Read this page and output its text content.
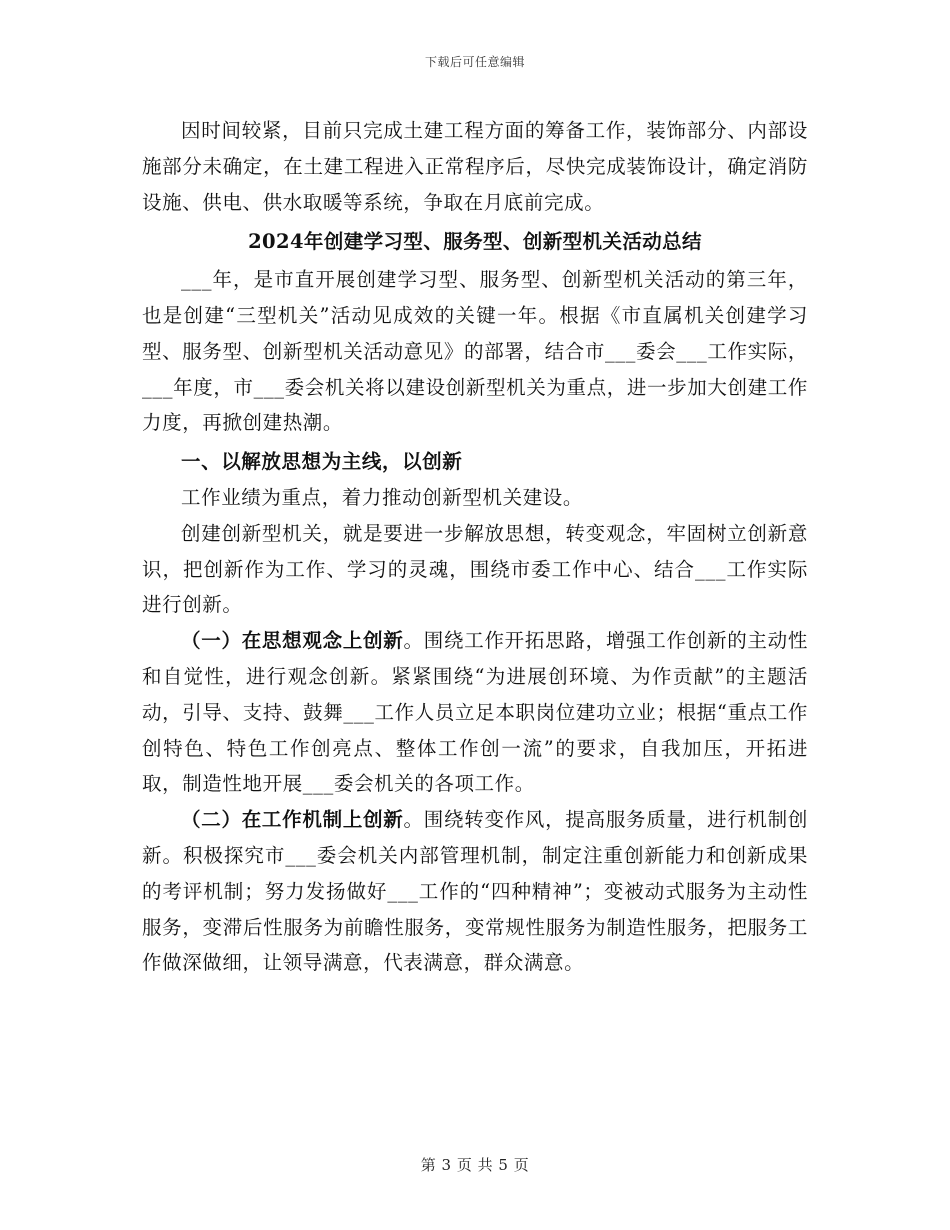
下载后可任意编辑

因时间较紧，目前只完成土建工程方面的筹备工作，装饰部分、内部设施部分未确定，在土建工程进入正常程序后，尽快完成装饰设计，确定消防设施、供电、供水取暖等系统，争取在月底前完成。

2024年创建学习型、服务型、创新型机关活动总结

___年，是市直开展创建学习型、服务型、创新型机关活动的第三年，也是创建“三型机关”活动见成效的关键一年。根据《市直属机关创建学习型、服务型、创新型机关活动意见》的部署，结合市___委会___工作实际，___年度，市___委会机关将以建设创新型机关为重点，进一步加大创建工作力度，再掀创建热潮。

一、以解放思想为主线，以创新

工作业绩为重点，着力推动创新型机关建设。

创建创新型机关，就是要进一步解放思想，转变观念，牢固树立创新意识，把创新作为工作、学习的灵魂，围绕市委工作中心、结合___工作实际进行创新。

（一）在思想观念上创新。围绕工作开拓思路，增强工作创新的主动性和自觉性，进行观念创新。紧紧围绕“为进展创环境、为作贡献”的主题活动，引导、支持、鼓舞___工作人员立足本职岗位建功立业；根据“重点工作创特色、特色工作创亮点、整体工作创一流”的要求，自我加压，开拓进取，制造性地开展___委会机关的各项工作。

（二）在工作机制上创新。围绕转变作风，提高服务质量，进行机制创新。积极探究市___委会机关内部管理机制，制定注重创新能力和创新成果的考评机制；努力发扬做好___工作的“四种精神”；变被动式服务为主动性服务，变滞后性服务为前瞻性服务，变常规性服务为制造性服务，把服务工作做深做细，让领导满意，代表满意，群众满意。

第 3 页 共 5 页
